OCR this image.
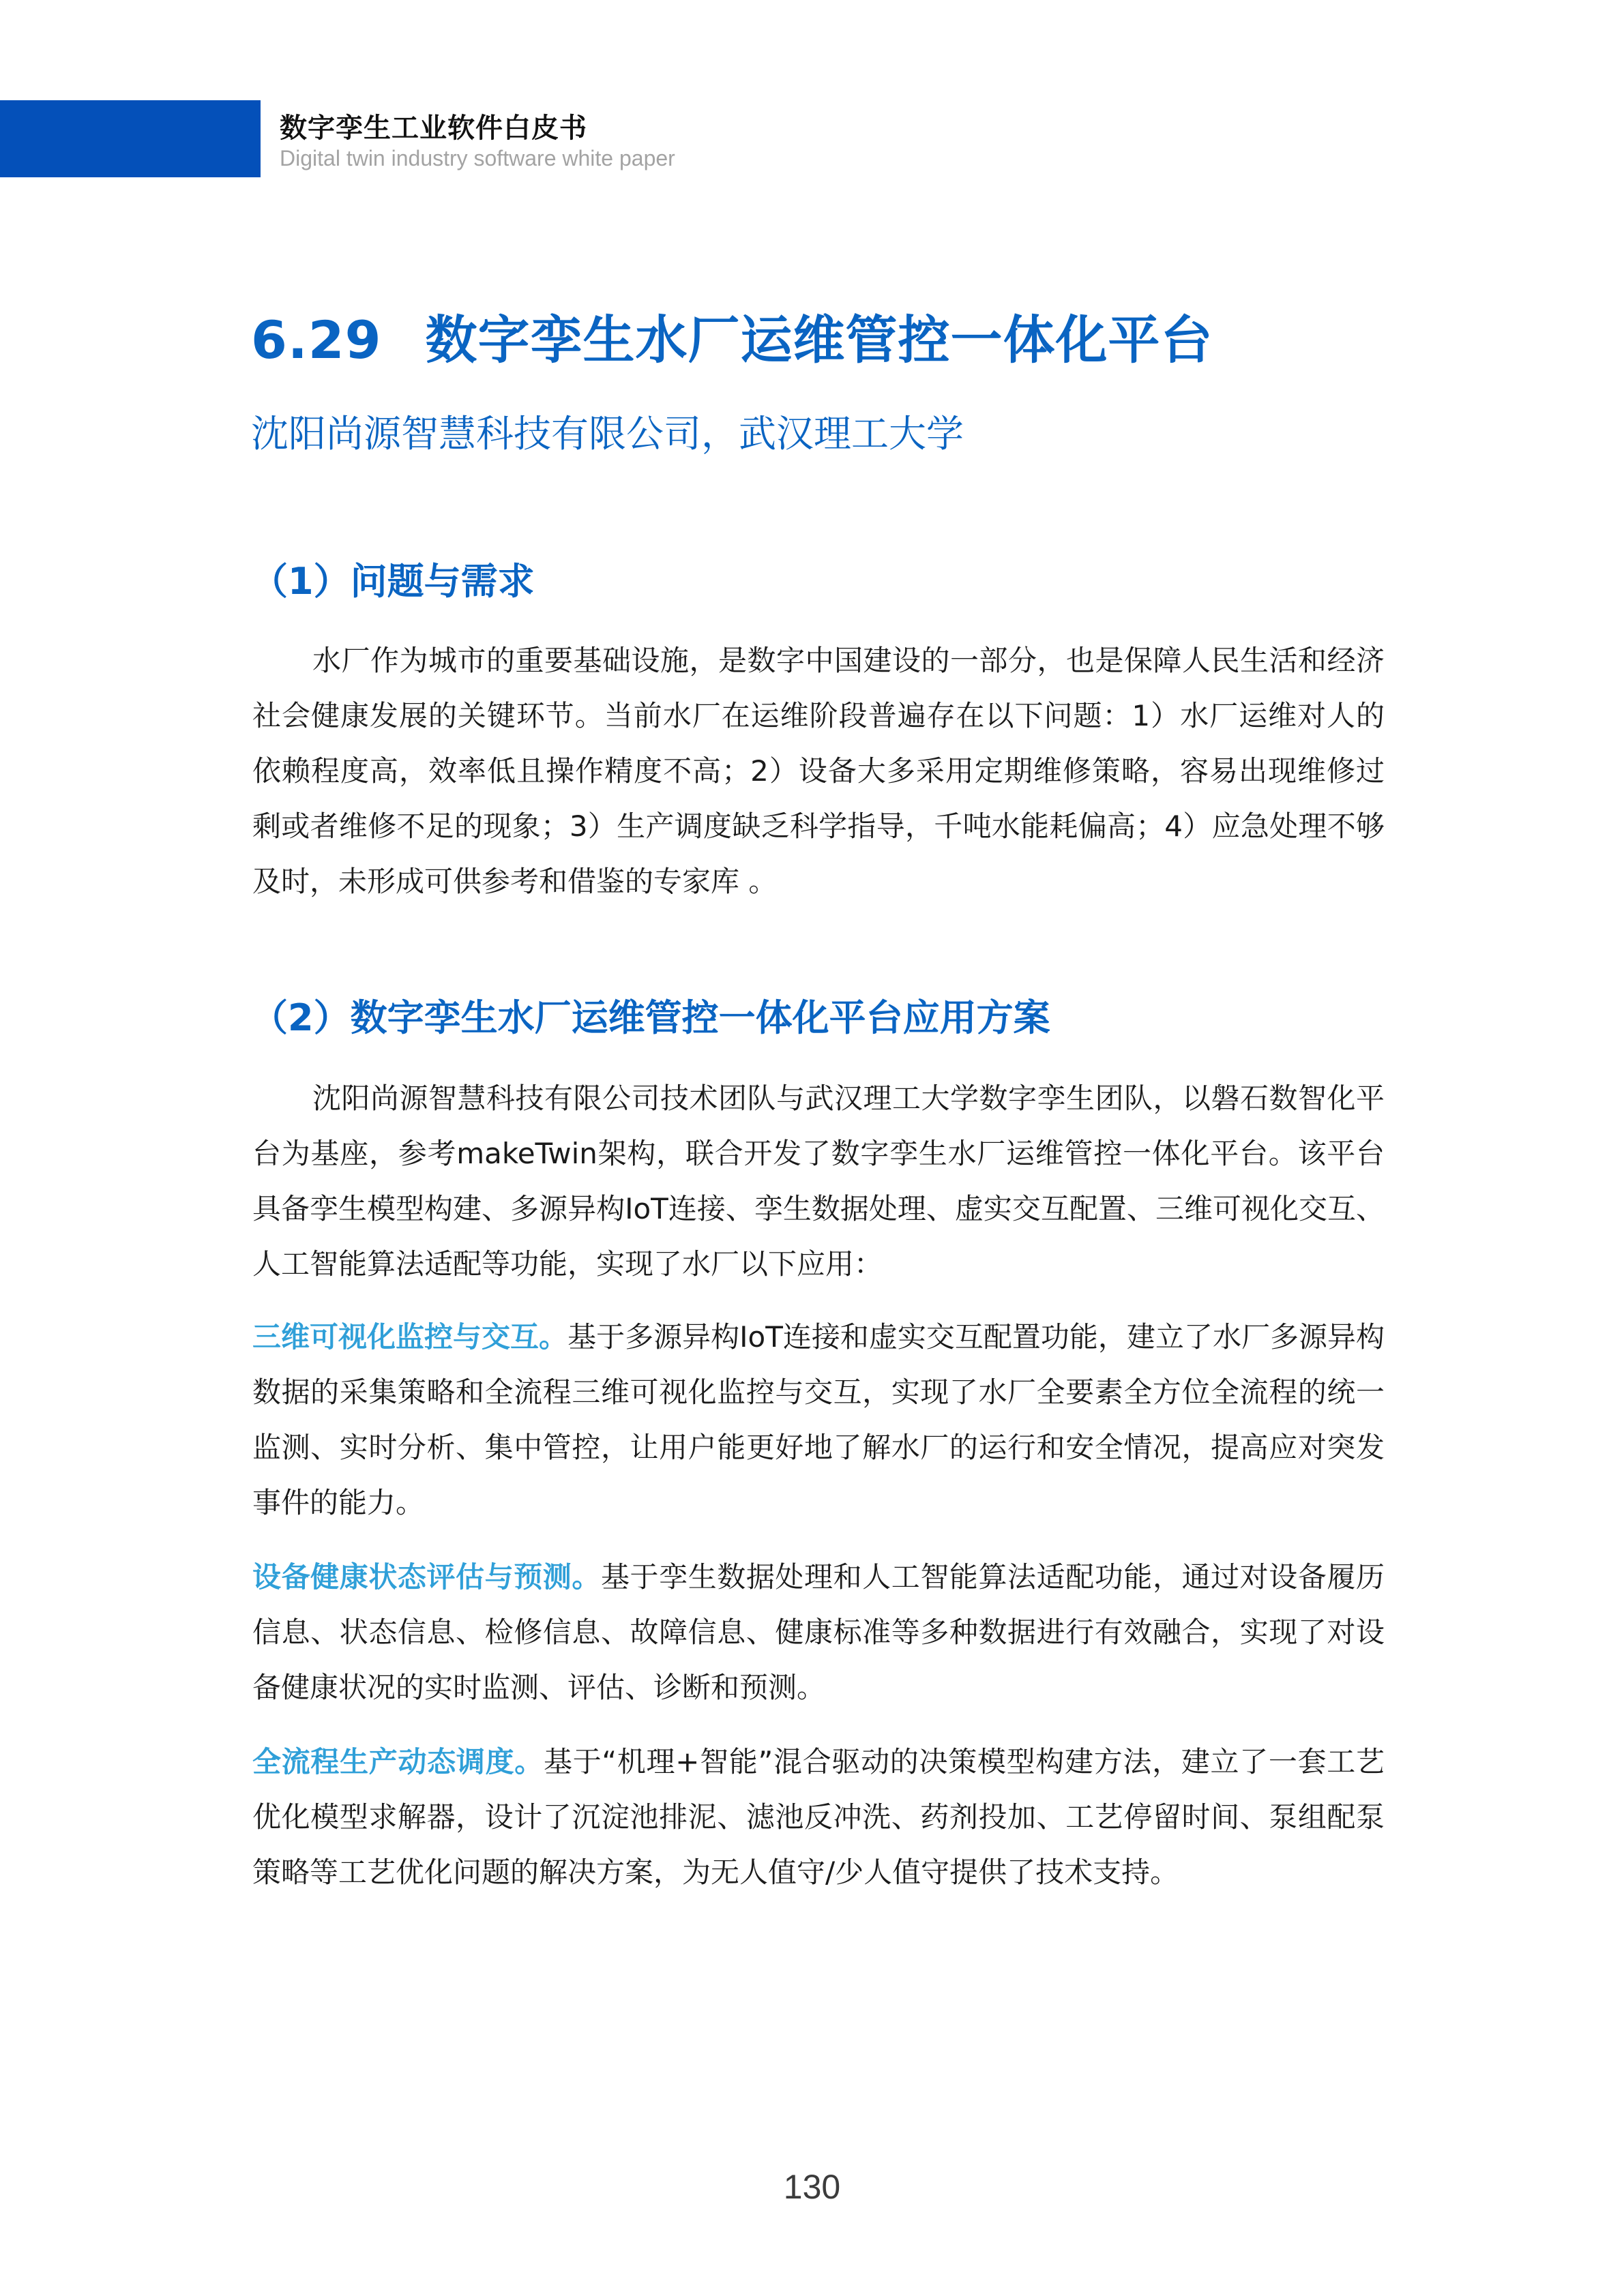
数字孪生工业软件白皮书
Digital twin industry software white paper
6.29 数字孪生水厂运维管控一体化平台
沈阳尚源智慧科技有限公司，武汉理工大学
（1）问题与需求

水厂作为城市的重要基础设施，是数字中国建设的一部分，也是保障人民生活和经济社会健康发展的关键环节。当前水厂在运维阶段普遍存在以下问题：1）水厂运维对人的依赖程度高，效率低且操作精度不高；2）设备大多采用定期维修策略，容易出现维修过剩或者维修不足的现象；3）生产调度缺乏科学指导，千吨水能耗偏高；4）应急处理不够及时，未形成可供参考和借鉴的专家库 。

（2）数字孪生水厂运维管控一体化平台应用方案

沈阳尚源智慧科技有限公司技术团队与武汉理工大学数字孪生团队，以磐石数智化平台为基座，参考makeTwin架构，联合开发了数字孪生水厂运维管控一体化平台。该平台具备孪生模型构建、多源异构IoT连接、孪生数据处理、虚实交互配置、三维可视化交互、人工智能算法适配等功能，实现了水厂以下应用：

三维可视化监控与交互。基于多源异构IoT连接和虚实交互配置功能，建立了水厂多源异构数据的采集策略和全流程三维可视化监控与交互，实现了水厂全要素全方位全流程的统一监测、实时分析、集中管控，让用户能更好地了解水厂的运行和安全情况，提高应对突发事件的能力。

设备健康状态评估与预测。基于孪生数据处理和人工智能算法适配功能，通过对设备履历信息、状态信息、检修信息、故障信息、健康标准等多种数据进行有效融合，实现了对设备健康状况的实时监测、评估、诊断和预测。

全流程生产动态调度。基于“机理+智能”混合驱动的决策模型构建方法，建立了一套工艺优化模型求解器，设计了沉淀池排泥、滤池反冲洗、药剂投加、工艺停留时间、泵组配泵策略等工艺优化问题的解决方案，为无人值守/少人值守提供了技术支持。

130
